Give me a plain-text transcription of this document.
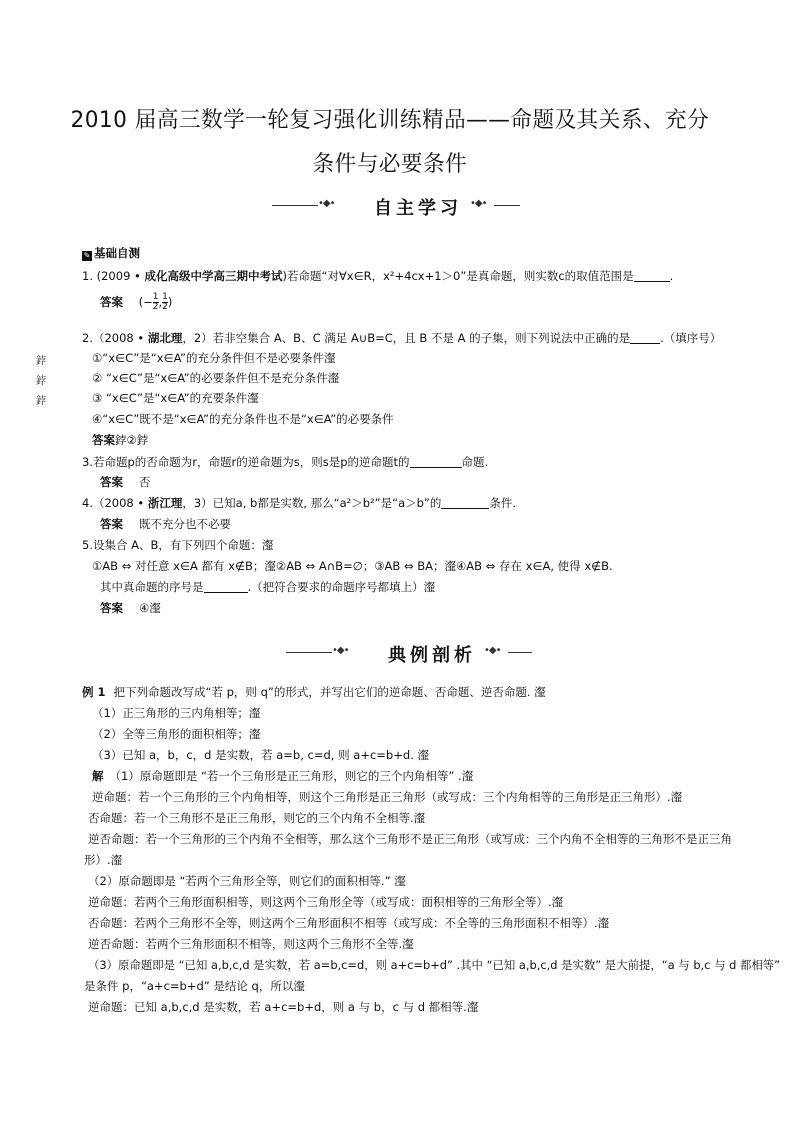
2010 届高三数学一轮复习强化训练精品——命题及其关系、充分
条件与必要条件
•◆• 自主学习 •◆•
✎ 基础自测
1. (2009 • 成化高级中学高三期中考试)若命题“对∀x∈R，x²+4cx+1＞0”是真命题，则实数c的取值范围是	.
答案 (− $\frac{1}{2}$ , $\frac{1}{2}$ )
2.（2008 • 湖北理，2）若非空集合 A、B、C 满足 A∪B=C，且 B 不是 A 的子集，则下列说法中正确的是	.（填序号）
鋍	①“x∈C”是“x∈A”的充分条件但不是必要条件瀣
鋍	② “x∈C”是“x∈A”的必要条件但不是充分条件瀣
鋍	③ “x∈C”是“x∈A”的充要条件瀣
④“x∈C”既不是“x∈A”的充分条件也不是“x∈A”的必要条件
答案鋍②鋍
3.若命题p的否命题为r，命题r的逆命题为s，则s是p的逆命题t的	命题.
答案 否
4.（2008 • 浙江理，3）已知a, b都是实数, 那么“a²＞b²”是“a＞b”的	条件.
答案 既不充分也不必要
5.设集合 A、B，有下列四个命题：瀣
①AB ⇔ 对任意 x∈A 都有 x∉B；瀣②AB ⇔ A∩B=∅；③AB ⇔ BA；瀣④AB ⇔ 存在 x∈A, 使得 x∉B.
其中真命题的序号是	.（把符合要求的命题序号都填上）瀣
答案 ④瀣
•◆• 典例剖析 •◆•
例 1 把下列命题改写成“若 p，则 q”的形式，并写出它们的逆命题、否命题、逆否命题. 瀣
（1）正三角形的三内角相等；瀣
（2）全等三角形的面积相等；瀣
（3）已知 a，b，c，d 是实数，若 a=b, c=d, 则 a+c=b+d. 瀣
解 （1）原命题即是 “若一个三角形是正三角形，则它的三个内角相等” .瀣
逆命题：若一个三角形的三个内角相等，则这个三角形是正三角形（或写成：三个内角相等的三角形是正三角形）.瀣
否命题：若一个三角形不是正三角形，则它的三个内角不全相等.瀣
逆否命题：若一个三角形的三个内角不全相等，那么这个三角形不是正三角形（或写成：三个内角不全相等的三角形不是正三角
形）.瀣
（2）原命题即是 “若两个三角形全等，则它们的面积相等.” 瀣
逆命题：若两个三角形面积相等，则这两个三角形全等（或写成：面积相等的三角形全等）.瀣
否命题：若两个三角形不全等，则这两个三角形面积不相等（或写成：不全等的三角形面积不相等）.瀣
逆否命题：若两个三角形面积不相等，则这两个三角形不全等.瀣
（3）原命题即是 “已知 a,b,c,d 是实数，若 a=b,c=d，则 a+c=b+d” .其中 “已知 a,b,c,d 是实数” 是大前提，“a 与 b,c 与 d 都相等”
是条件 p，“a+c=b+d” 是结论 q，所以瀣
逆命题：已知 a,b,c,d 是实数，若 a+c=b+d，则 a 与 b，c 与 d 都相等.瀣
